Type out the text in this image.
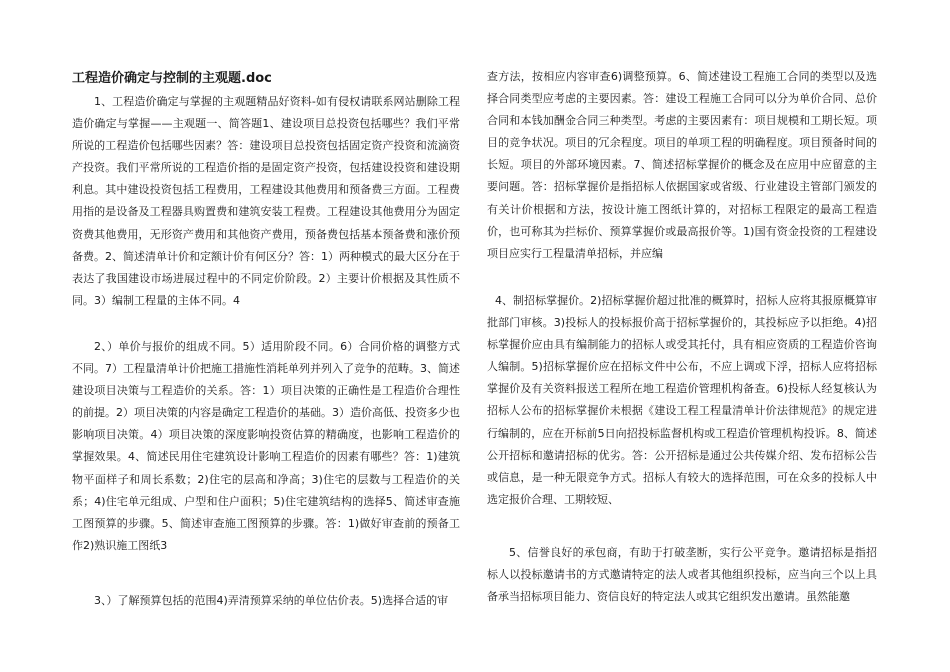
工程造价确定与控制的主观题.doc

1、工程造价确定与掌握的主观题精品好资料-如有侵权请联系网站删除工程造价确定与掌握——主观题一、简答题1、建设项目总投资包括哪些？我们平常所说的工程造价包括哪些因素？答：建设项目总投资包括固定资产投资和流滴资产投资。我们平常所说的工程造价指的是固定资产投资，包括建设投资和建设期利息。其中建设投资包括工程费用，工程建设其他费用和预备费三方面。工程费用指的是设备及工程器具购置费和建筑安装工程费。工程建设其他费用分为固定资费其他费用，无形资产费用和其他资产费用，预备费包括基本预备费和涨价预备费。2、简述清单计价和定额计价有何区分？答：1）两种模式的最大区分在于表达了我国建设市场进展过程中的不同定价阶段。2）主要计价根据及其性质不同。3）编制工程量的主体不同。4

2、）单价与报价的组成不同。5）适用阶段不同。6）合同价格的调整方式不同。7）工程量清单计价把施工措施性消耗单列并列入了竞争的范畴。3、简述建设项目决策与工程造价的关系。答：1）项目决策的正确性是工程造价合理性的前提。2）项目决策的内容是确定工程造价的基础。3）造价高低、投资多少也影响项目决策。4）项目决策的深度影响投资估算的精确度，也影响工程造价的掌握效果。4、简述民用住宅建筑设计影响工程造价的因素有哪些？答：1)建筑物平面样子和周长系数；2)住宅的层高和净高；3)住宅的层数与工程造价的关系；4)住宅单元组成、户型和住户面积；5)住宅建筑结构的选择5、简述审查施工图预算的步骤。5、简述审查施工图预算的步骤。答：1)做好审查前的预备工作2)熟识施工图纸3

3、）了解预算包括的范围4)弄清预算采纳的单位估价表。5)选择合适的审

查方法，按相应内容审查6)调整预算。6、简述建设工程施工合同的类型以及选择合同类型应考虑的主要因素。答：建设工程施工合同可以分为单价合同、总价合同和本钱加酬金合同三种类型。考虑的主要因素有：项目规模和工期长短。项目的竞争状况。项目的冗余程度。项目的单项工程的明确程度。项目预备时间的长短。项目的外部环境因素。7、简述招标掌握价的概念及在应用中应留意的主要问题。答：招标掌握价是指招标人依据国家或省级、行业建设主管部门颁发的有关计价根据和方法，按设计施工图纸计算的，对招标工程限定的最高工程造价，也可称其为拦标价、预算掌握价或最高报价等。1)国有资金投资的工程建设项目应实行工程量清单招标，并应编

4、制招标掌握价。2)招标掌握价超过批准的概算时，招标人应将其报原概算审批部门审核。3)投标人的投标报价高于招标掌握价的，其投标应予以拒绝。4)招标掌握价应由具有编制能力的招标人或受其托付，具有相应资质的工程造价咨询人编制。5)招标掌握价应在招标文件中公布，不应上调或下浮，招标人应将招标掌握价及有关资料报送工程所在地工程造价管理机构备查。6)投标人经复核认为招标人公布的招标掌握价未根据《建设工程工程量清单计价法律规范》的规定进行编制的，应在开标前5日向招投标监督机构或工程造价管理机构投诉。8、简述公开招标和邀请招标的优劣。答：公开招标是通过公共传媒介绍、发布招标公告或信息，是一种无限竞争方式。招标人有较大的选择范围，可在众多的投标人中选定报价合理、工期较短、

5、信誉良好的承包商，有助于打破垄断，实行公平竞争。邀请招标是指招标人以投标邀请书的方式邀请特定的法人或者其他组织投标，应当向三个以上具备承当招标项目能力、资信良好的特定法人或其它组织发出邀请。虽然能邀
